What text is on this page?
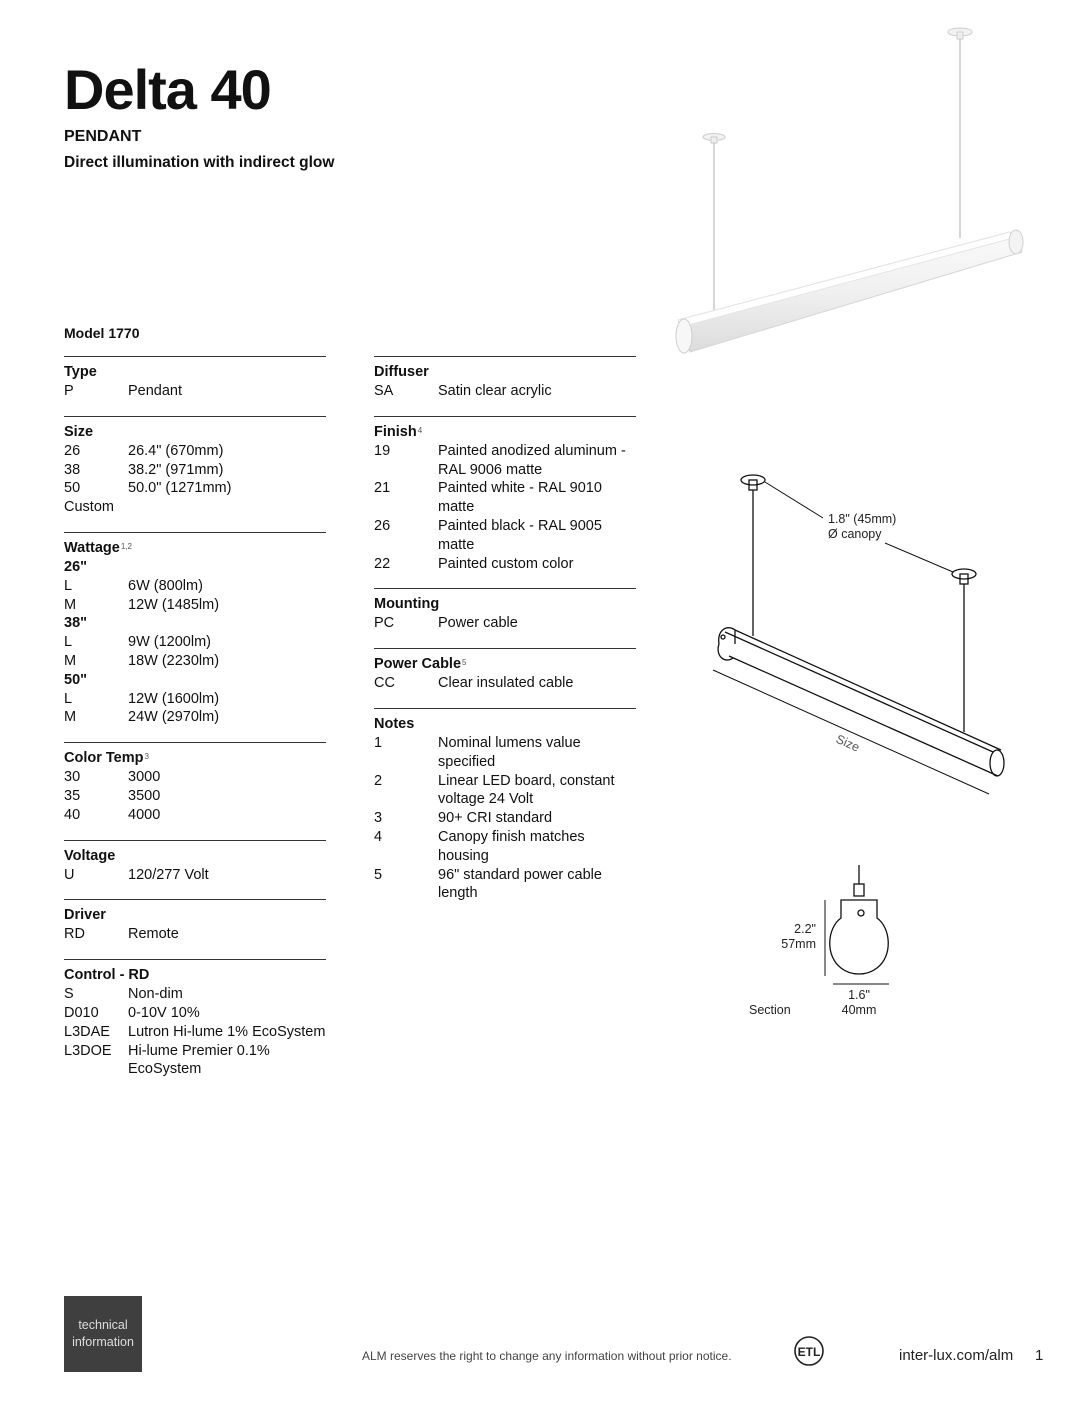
Delta 40
PENDANT
Direct illumination with indirect glow
Model 1770
Type
P	Pendant
Size
26	26.4" (670mm)
38	38.2" (971mm)
50	50.0" (1271mm)
Custom
Wattage$^{1,2}$
26"
L	6W (800lm)
M	12W (1485lm)
38"
L	9W (1200lm)
M	18W (2230lm)
50"
L	12W (1600lm)
M	24W (2970lm)
Color Temp$^3$
30	3000
35	3500
40	4000
Voltage
U	120/277 Volt
Driver
RD	Remote
Control - RD
S	Non-dim
D010	0-10V 10%
L3DAE	Lutron Hi-lume 1% EcoSystem
L3DOE	Hi-lume Premier 0.1% EcoSystem
Diffuser
SA	Satin clear acrylic
Finish$^4$
19	Painted anodized aluminum - RAL 9006 matte
21	Painted white - RAL 9010 matte
26	Painted black - RAL 9005 matte
22	Painted custom color
Mounting
PC	Power cable
Power Cable$^5$
CC	Clear insulated cable
Notes
1	Nominal lumens value specified
2	Linear LED board, constant voltage 24 Volt
3	90+ CRI standard
4	Canopy finish matches housing
5	96" standard power cable length
Size
1.8" (45mm)
Ø canopy
2.2"
57mm
1.6"
40mm
Section
technical
information
ALM reserves the right to change any information without prior notice.	ETL	inter-lux.com/alm 1
